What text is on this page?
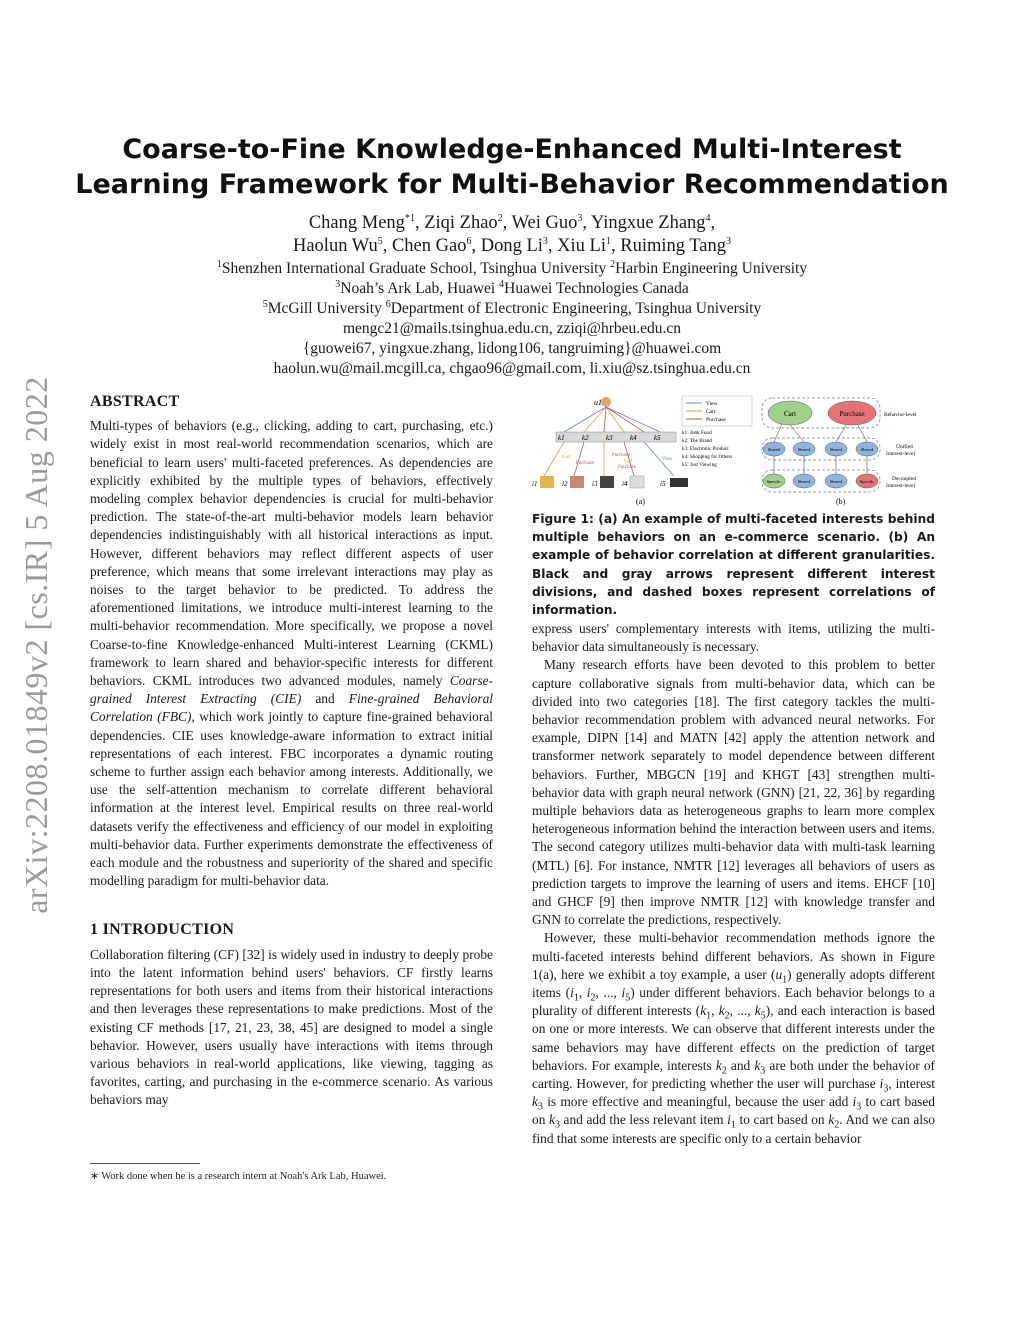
arXiv:2208.01849v2 [cs.IR] 5 Aug 2022
Coarse-to-Fine Knowledge-Enhanced Multi-Interest Learning Framework for Multi-Behavior Recommendation
Chang Meng$^{*1}$, Ziqi Zhao$^2$, Wei Guo$^3$, Yingxue Zhang$^4$,
Haolun Wu$^5$, Chen Gao$^6$, Dong Li$^3$, Xiu Li$^1$, Ruiming Tang$^3$
$^1$Shenzhen International Graduate School, Tsinghua University $^2$Harbin Engineering University
$^3$Noah’s Ark Lab, Huawei $^4$Huawei Technologies Canada
$^5$McGill University $^6$Department of Electronic Engineering, Tsinghua University
mengc21@mails.tsinghua.edu.cn, zziqi@hrbeu.edu.cn
{guowei67, yingxue.zhang, lidong106, tangruiming}@huawei.com
haolun.wu@mail.mcgill.ca, chgao96@gmail.com, li.xiu@sz.tsinghua.edu.cn
ABSTRACT

Multi-types of behaviors (e.g., clicking, adding to cart, purchasing, etc.) widely exist in most real-world recommendation scenarios, which are beneficial to learn users' multi-faceted preferences. As dependencies are explicitly exhibited by the multiple types of behaviors, effectively modeling complex behavior dependencies is crucial for multi-behavior prediction. The state-of-the-art multi-behavior models learn behavior dependencies indistinguishably with all historical interactions as input. However, different behaviors may reflect different aspects of user preference, which means that some irrelevant interactions may play as noises to the target behavior to be predicted. To address the aforementioned limitations, we introduce multi-interest learning to the multi-behavior recommendation. More specifically, we propose a novel Coarse-to-fine Knowledge-enhanced Multi-interest Learning (CKML) framework to learn shared and behavior-specific interests for different behaviors. CKML introduces two advanced modules, namely Coarse-grained Interest Extracting (CIE) and Fine-grained Behavioral Correlation (FBC), which work jointly to capture fine-grained behavioral dependencies. CIE uses knowledge-aware information to extract initial representations of each interest. FBC incorporates a dynamic routing scheme to further assign each behavior among interests. Additionally, we use the self-attention mechanism to correlate different behavioral information at the interest level. Empirical results on three real-world datasets verify the effectiveness and efficiency of our model in exploiting multi-behavior data. Further experiments demonstrate the effectiveness of each module and the robustness and superiority of the shared and specific modelling paradigm for multi-behavior data.

1 INTRODUCTION

Collaboration filtering (CF) [32] is widely used in industry to deeply probe into the latent information behind users' behaviors. CF firstly learns representations for both users and items from their historical interactions and then leverages these representations to make predictions. Most of the existing CF methods [17, 21, 23, 38, 45] are designed to model a single behavior. However, users usually have interactions with items through various behaviors in real-world applications, like viewing, tagging as favorites, carting, and purchasing in the e-commerce scenario. As various behaviors may

∗ Work done when he is a research intern at Noah's Ark Lab, Huawei.
u1
k1 k2 k3 k4 k5
Cart
Purchase
Purchase
Cart
Purchase
View
i1	i2	i3	i4	i5
View
Cart
Purchase
k1: Junk Food
k2: The Brand
k3: Electronic Product
k4: Shopping for Others
k5: Just Viewing
(a)
Cart	Purchase	Behavior-level
Shared	Shared	Shared	Shared	Unified
Interest-level
Specific	Shared	Shared	Specific	Decoupled
Interest-level
(b)
Figure 1: (a) An example of multi-faceted interests behind multiple behaviors on an e-commerce scenario. (b) An example of behavior correlation at different granularities. Black and gray arrows represent different interest divisions, and dashed boxes represent correlations of information.

express users' complementary interests with items, utilizing the multi-behavior data simultaneously is necessary.

Many research efforts have been devoted to this problem to better capture collaborative signals from multi-behavior data, which can be divided into two categories [18]. The first category tackles the multi-behavior recommendation problem with advanced neural networks. For example, DIPN [14] and MATN [42] apply the attention network and transformer network separately to model dependence between different behaviors. Further, MBGCN [19] and KHGT [43] strengthen multi-behavior data with graph neural network (GNN) [21, 22, 36] by regarding multiple behaviors data as heterogeneous graphs to learn more complex heterogeneous information behind the interaction between users and items. The second category utilizes multi-behavior data with multi-task learning (MTL) [6]. For instance, NMTR [12] leverages all behaviors of users as prediction targets to improve the learning of users and items. EHCF [10] and GHCF [9] then improve NMTR [12] with knowledge transfer and GNN to correlate the predictions, respectively.

However, these multi-behavior recommendation methods ignore the multi-faceted interests behind different behaviors. As shown in Figure 1(a), here we exhibit a toy example, a user $(u_1)$ generally adopts different items ($i_1$, $i_2$, ..., $i_5$) under different behaviors. Each behavior belongs to a plurality of different interests ($k_1$, $k_2$, ..., $k_5$), and each interaction is based on one or more interests. We can observe that different interests under the same behaviors may have different effects on the prediction of target behaviors. For example, interests $k_2$ and $k_3$ are both under the behavior of carting. However, for predicting whether the user will purchase $i_3$, interest $k_3$ is more effective and meaningful, because the user add $i_3$ to cart based on $k_3$ and add the less relevant item $i_1$ to cart based on $k_2$. And we can also find that some interests are specific only to a certain behavior
